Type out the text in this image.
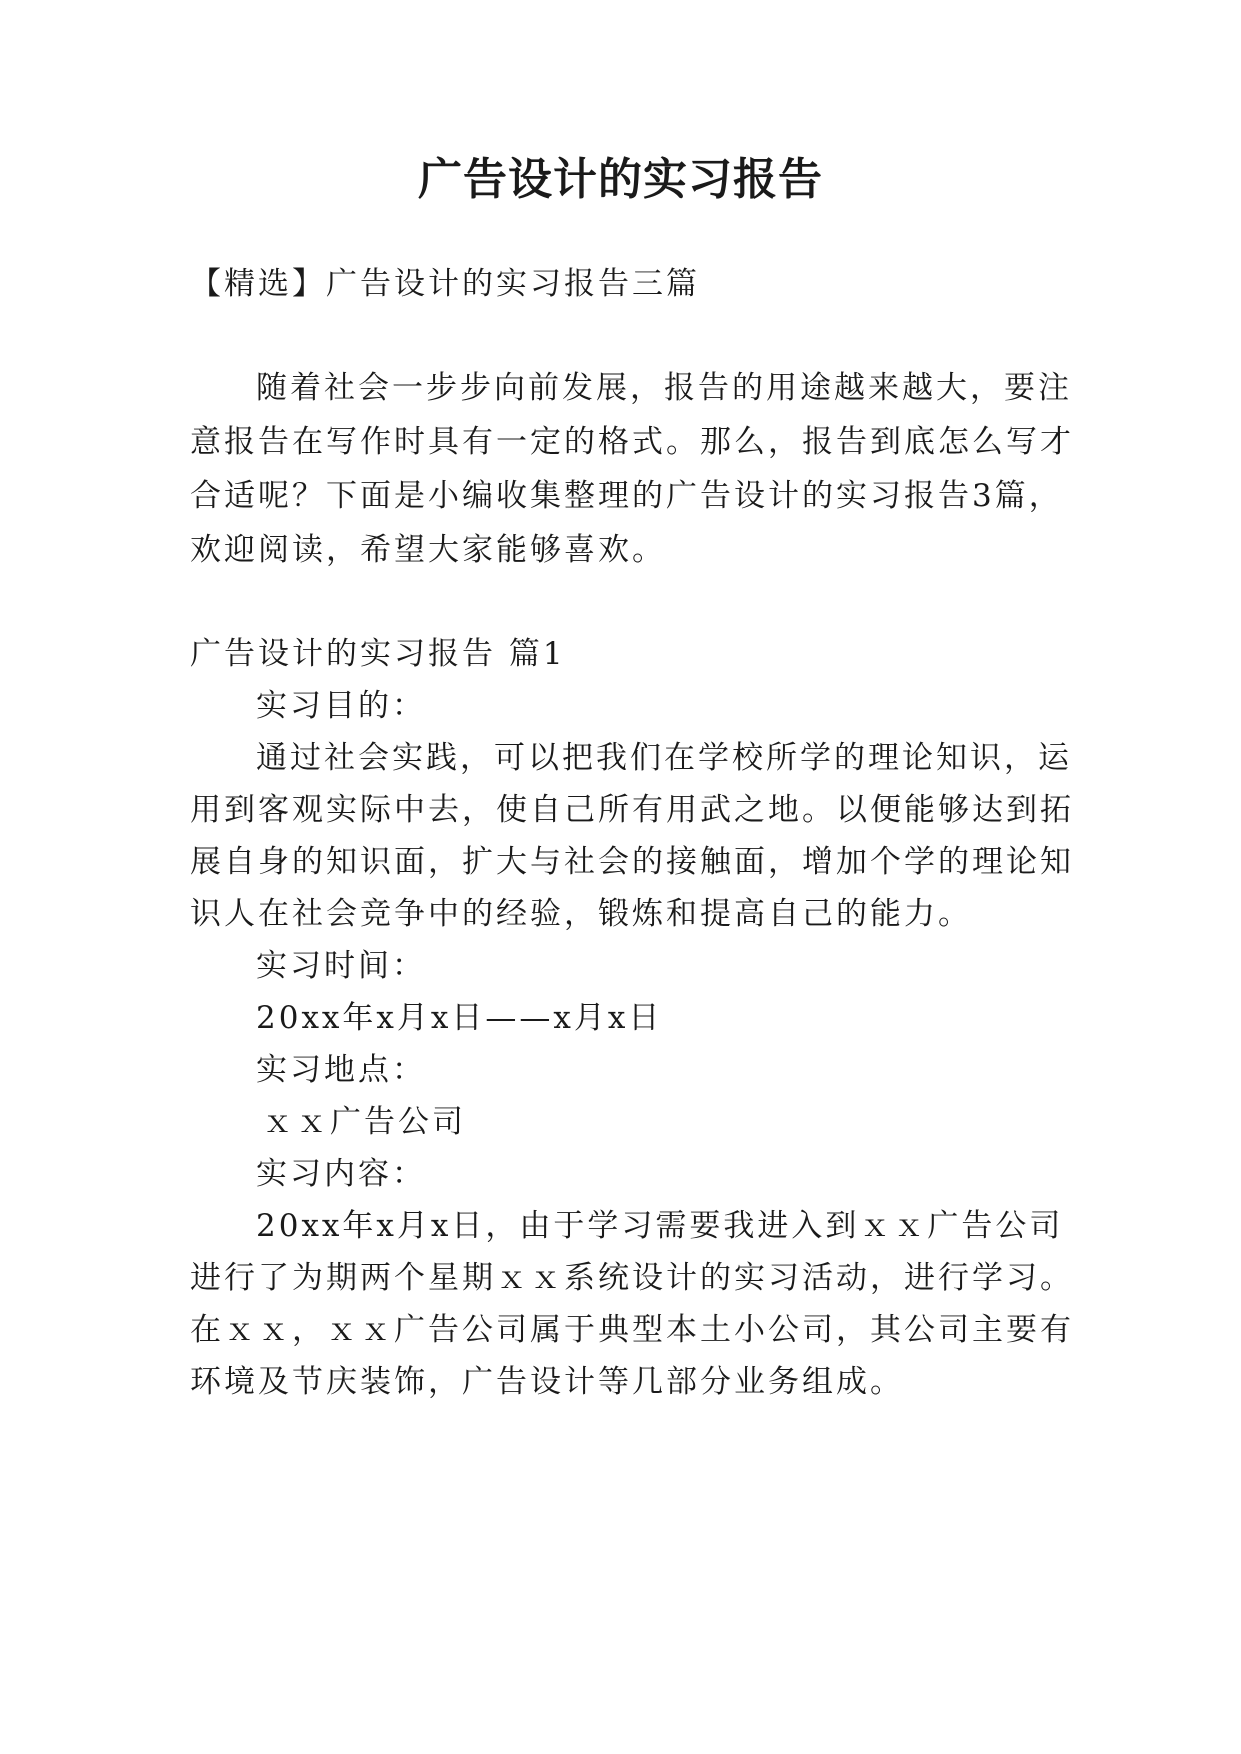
广告设计的实习报告
【精选】广告设计的实习报告三篇
随着社会一步步向前发展，报告的用途越来越大，要注
意报告在写作时具有一定的格式。那么，报告到底怎么写才
合适呢？下面是小编收集整理的广告设计的实习报告3篇，
欢迎阅读，希望大家能够喜欢。
广告设计的实习报告 篇1
实习目的：
通过社会实践，可以把我们在学校所学的理论知识，运
用到客观实际中去，使自己所有用武之地。以便能够达到拓
展自身的知识面，扩大与社会的接触面，增加个学的理论知
识人在社会竞争中的经验，锻炼和提高自己的能力。
实习时间：
20xx年x月x日——x月x日
实习地点：
ｘｘ广告公司
实习内容：
20xx年x月x日，由于学习需要我进入到ｘｘ广告公司
进行了为期两个星期ｘｘ系统设计的实习活动，进行学习。
在ｘｘ，ｘｘ广告公司属于典型本土小公司，其公司主要有
环境及节庆装饰，广告设计等几部分业务组成。
